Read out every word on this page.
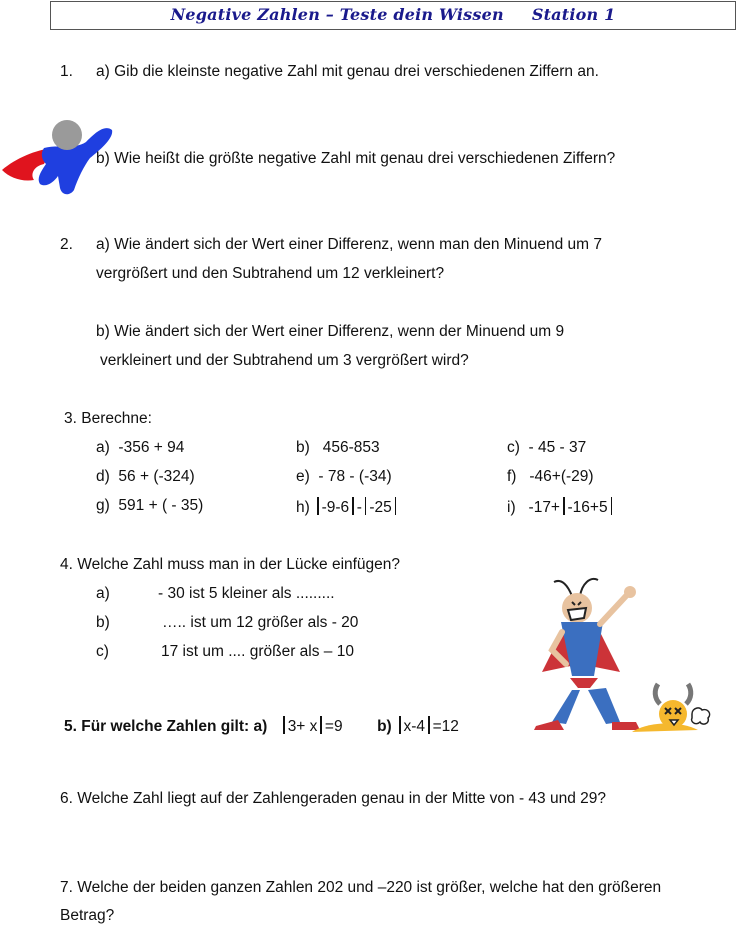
Negative Zahlen – Teste dein Wissen Station 1
1. a) Gib die kleinste negative Zahl mit genau drei verschiedenen Ziffern an.
b) Wie heißt die größte negative Zahl mit genau drei verschiedenen Ziffern?
2. a) Wie ändert sich der Wert einer Differenz, wenn man den Minuend um 7
vergrößert und den Subtrahend um 12 verkleinert?
b) Wie ändert sich der Wert einer Differenz, wenn der Minuend um 9
verkleinert und der Subtrahend um 3 vergrößert wird?
3. Berechne:
a) -356 + 94	b) 456-853	c) - 45 - 37
d) 56 + (-324)	e) - 78 - (-34)	f) -46+(-29)
g) 591 + ( - 35)	h) -9-6 - -25	i) -17+ -16+5
4. Welche Zahl muss man in der Lücke einfügen?
a)	- 30 ist 5 kleiner als .........
b)	….. ist um 12 größer als - 20
c)	17 ist um .... größer als – 10
5. Für welche Zahlen gilt: a) 3+ x =9 b) x-4 =12
6. Welche Zahl liegt auf der Zahlengeraden genau in der Mitte von - 43 und 29?
7. Welche der beiden ganzen Zahlen 202 und –220 ist größer, welche hat den größeren
Betrag?
